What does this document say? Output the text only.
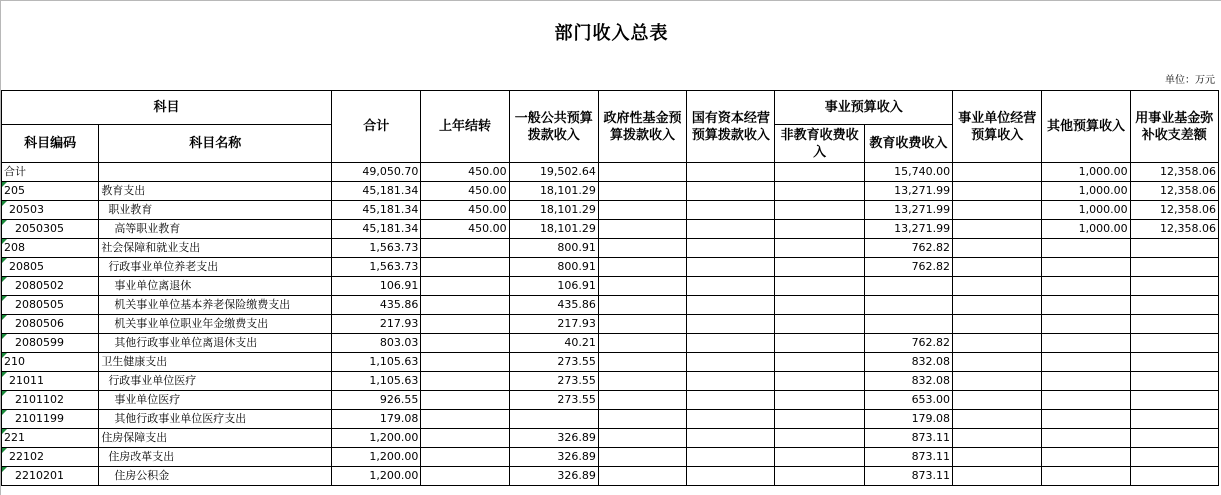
部门收入总表
单位：万元
科目		合计	上年结转	一般公共预算拨款收入	政府性基金预算拨款收入	国有资本经营预算拨款收入	事业预算收入		事业单位经营预算收入	其他预算收入	用事业基金弥补收支差额
科目编码	科目名称						非教育收费收入	教育收费收入			
合计		49,050.70	450.00	19,502.64				15,740.00		1,000.00	12,358.06
205	教育支出	45,181.34	450.00	18,101.29				13,271.99		1,000.00	12,358.06
20503	职业教育	45,181.34	450.00	18,101.29				13,271.99		1,000.00	12,358.06
2050305	高等职业教育	45,181.34	450.00	18,101.29				13,271.99		1,000.00	12,358.06
208	社会保障和就业支出	1,563.73		800.91				762.82			
20805	行政事业单位养老支出	1,563.73		800.91				762.82			
2080502	事业单位离退休	106.91		106.91							
2080505	机关事业单位基本养老保险缴费支出	435.86		435.86							
2080506	机关事业单位职业年金缴费支出	217.93		217.93							
2080599	其他行政事业单位离退休支出	803.03		40.21				762.82			
210	卫生健康支出	1,105.63		273.55				832.08			
21011	行政事业单位医疗	1,105.63		273.55				832.08			
2101102	事业单位医疗	926.55		273.55				653.00			
2101199	其他行政事业单位医疗支出	179.08						179.08			
221	住房保障支出	1,200.00		326.89				873.11			
22102	住房改革支出	1,200.00		326.89				873.11			
2210201	住房公积金	1,200.00		326.89				873.11			
